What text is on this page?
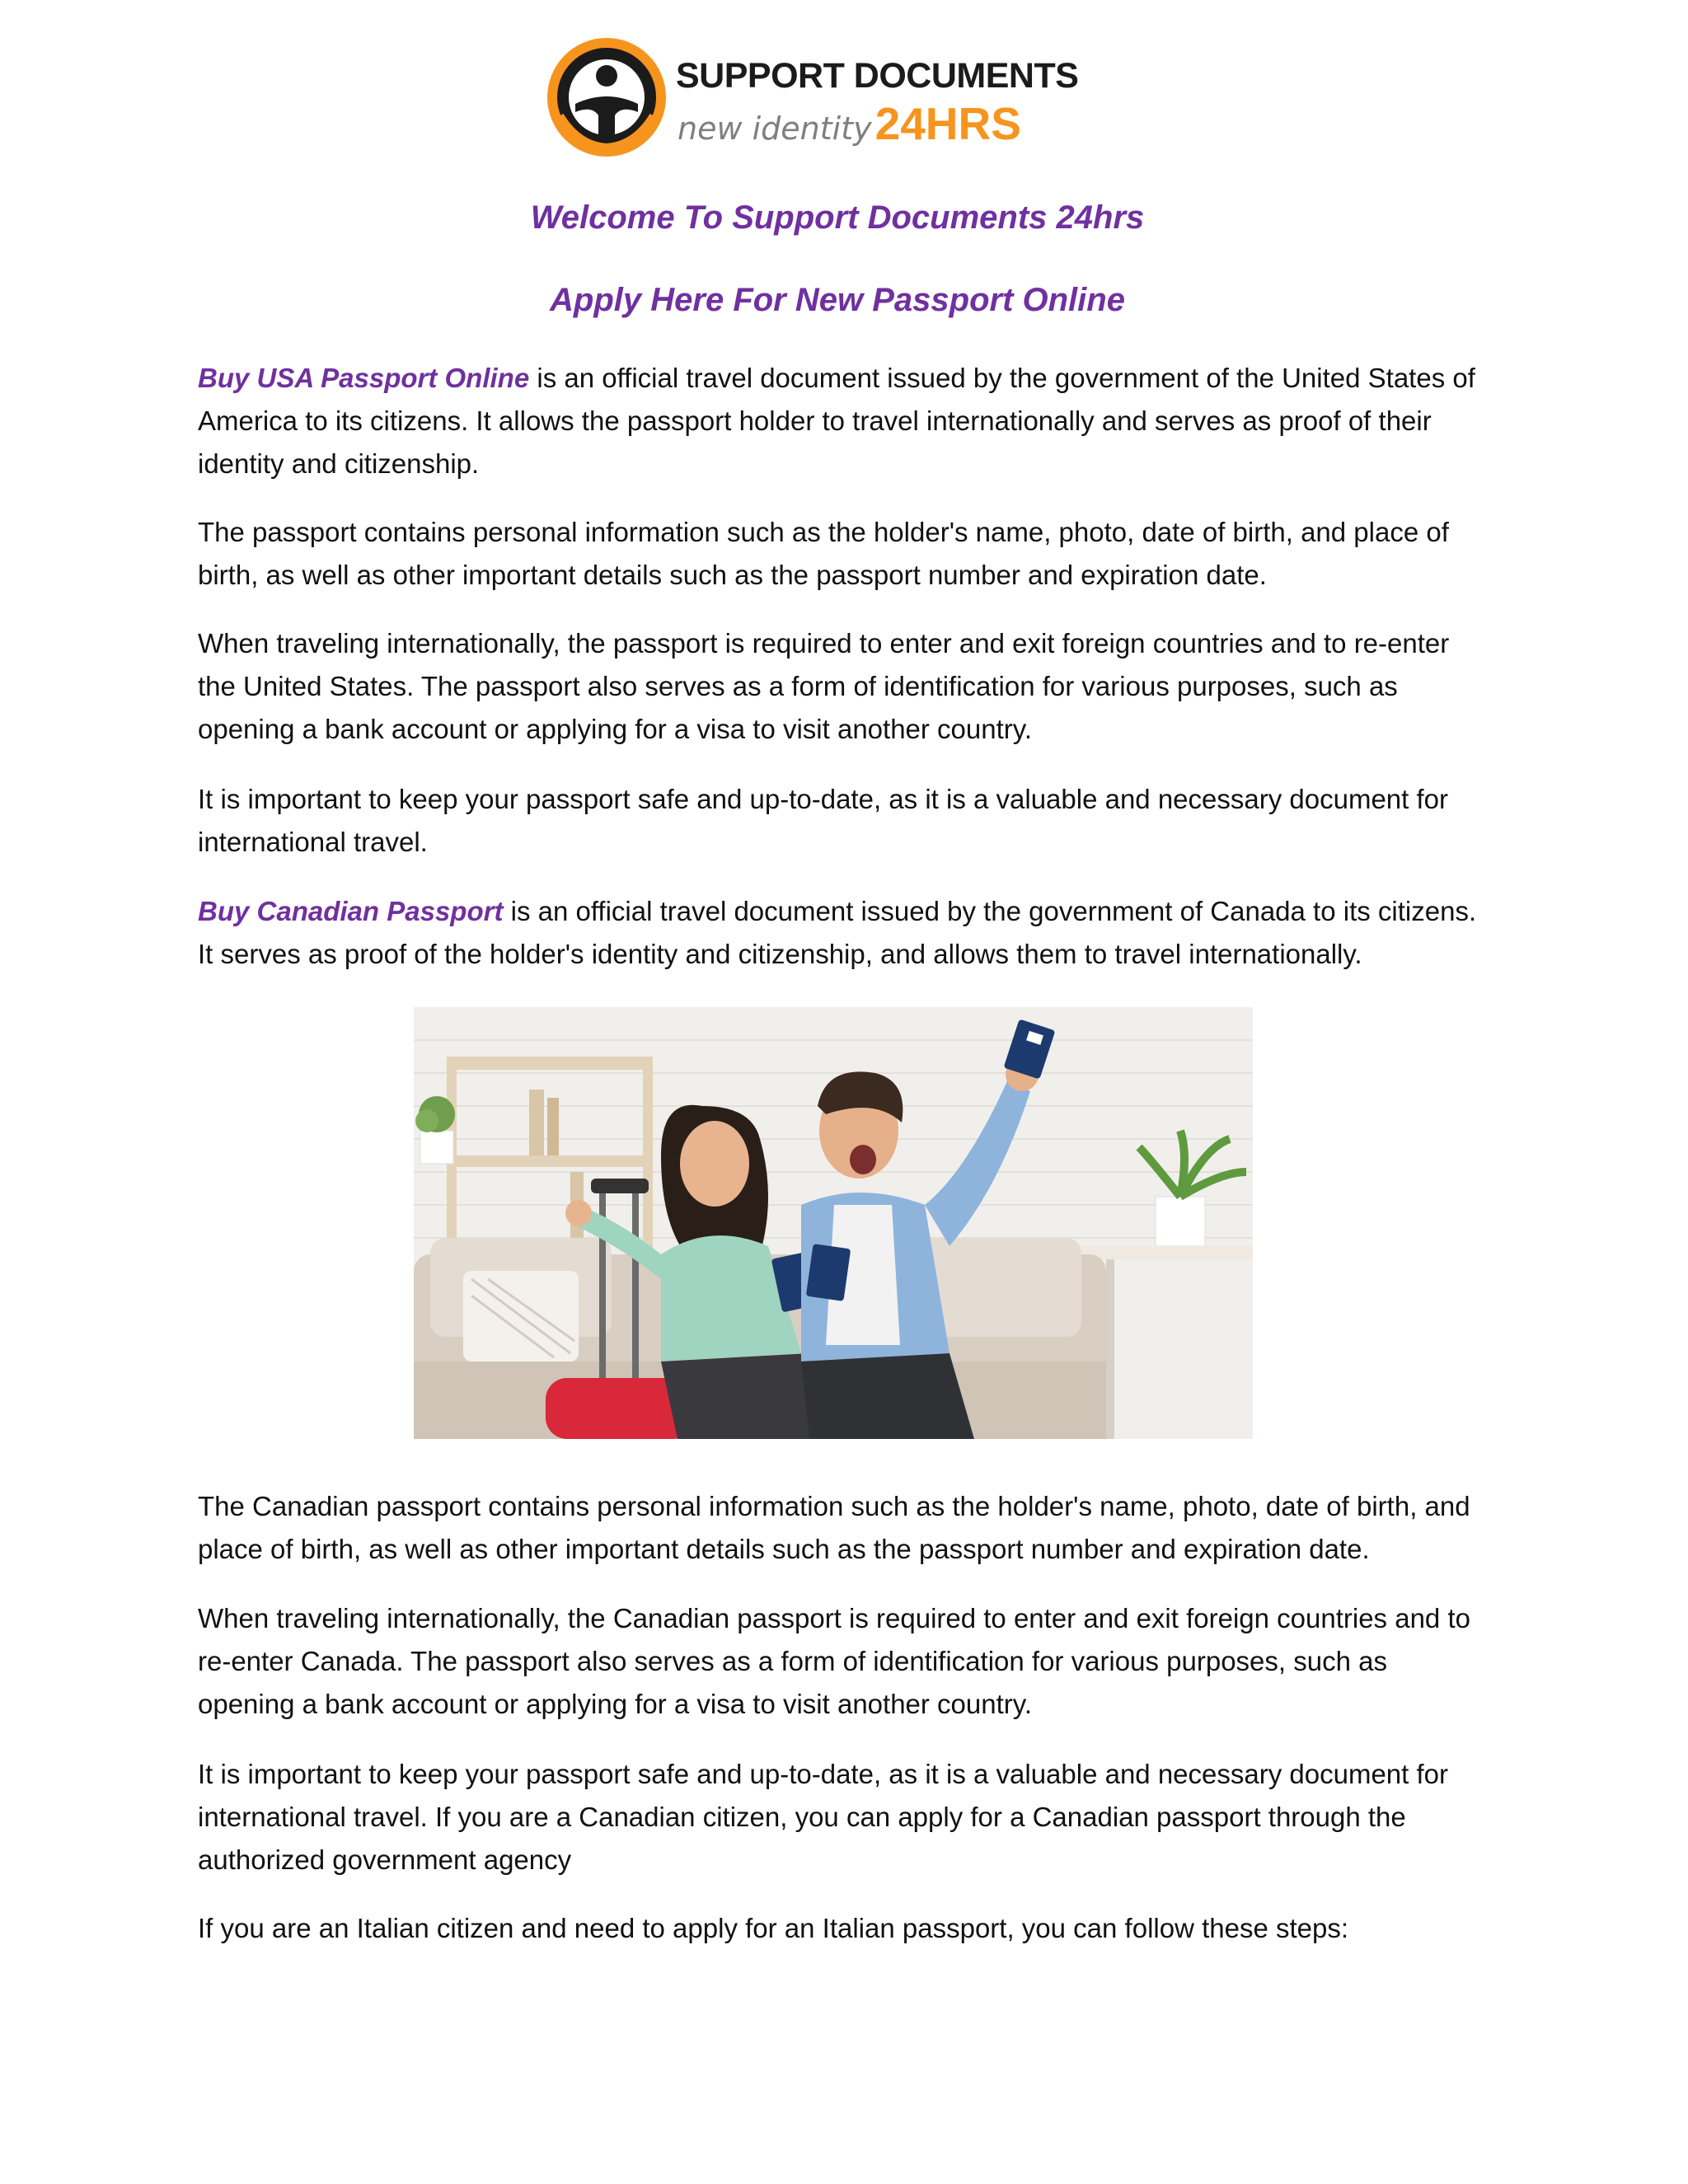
SUPPORT DOCUMENTS
new identity24HRS
Welcome To Support Documents 24hrs
Apply Here For New Passport Online

Buy USA Passport Online is an official travel document issued by the government of the United States of America to its citizens. It allows the passport holder to travel internationally and serves as proof of their identity and citizenship.

The passport contains personal information such as the holder's name, photo, date of birth, and place of birth, as well as other important details such as the passport number and expiration date.

When traveling internationally, the passport is required to enter and exit foreign countries and to re-enter the United States. The passport also serves as a form of identification for various purposes, such as opening a bank account or applying for a visa to visit another country.

It is important to keep your passport safe and up-to-date, as it is a valuable and necessary document for international travel.

Buy Canadian Passport is an official travel document issued by the government of Canada to its citizens. It serves as proof of the holder's identity and citizenship, and allows them to travel internationally.

The Canadian passport contains personal information such as the holder's name, photo, date of birth, and place of birth, as well as other important details such as the passport number and expiration date.

When traveling internationally, the Canadian passport is required to enter and exit foreign countries and to re-enter Canada. The passport also serves as a form of identification for various purposes, such as opening a bank account or applying for a visa to visit another country.

It is important to keep your passport safe and up-to-date, as it is a valuable and necessary document for international travel. If you are a Canadian citizen, you can apply for a Canadian passport through the authorized government agency

If you are an Italian citizen and need to apply for an Italian passport, you can follow these steps:
